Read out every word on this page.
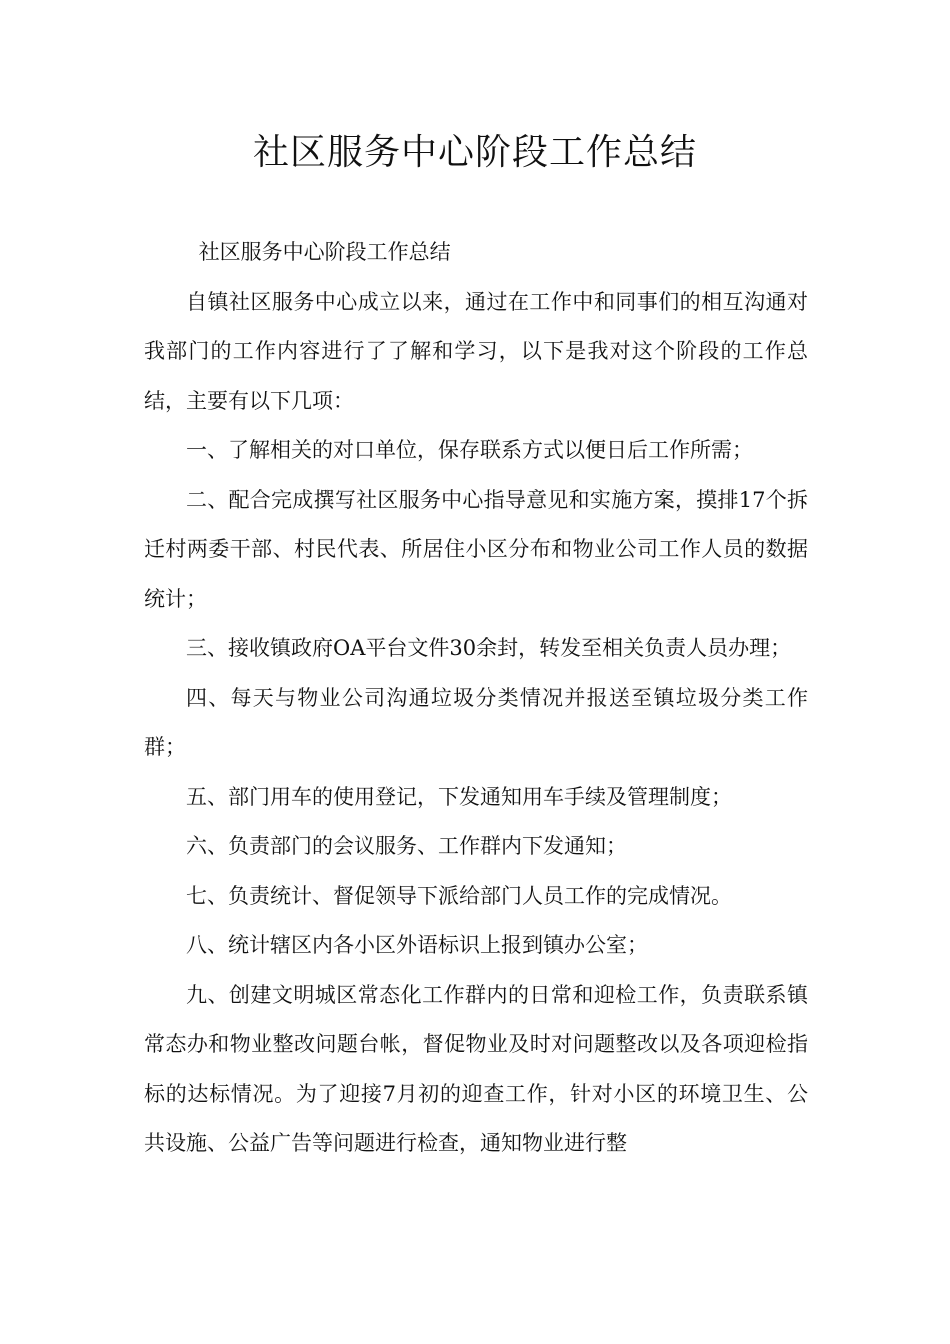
社区服务中心阶段工作总结

社区服务中心阶段工作总结

自镇社区服务中心成立以来，通过在工作中和同事们的相互沟通对我部门的工作内容进行了了解和学习，以下是我对这个阶段的工作总结，主要有以下几项：

一、了解相关的对口单位，保存联系方式以便日后工作所需；

二、配合完成撰写社区服务中心指导意见和实施方案，摸排17个拆迁村两委干部、村民代表、所居住小区分布和物业公司工作人员的数据统计；

三、接收镇政府OA平台文件30余封，转发至相关负责人员办理；

四、每天与物业公司沟通垃圾分类情况并报送至镇垃圾分类工作群；

五、部门用车的使用登记，下发通知用车手续及管理制度；

六、负责部门的会议服务、工作群内下发通知；

七、负责统计、督促领导下派给部门人员工作的完成情况。

八、统计辖区内各小区外语标识上报到镇办公室；

九、创建文明城区常态化工作群内的日常和迎检工作，负责联系镇常态办和物业整改问题台帐，督促物业及时对问题整改以及各项迎检指标的达标情况。为了迎接7月初的迎查工作，针对小区的环境卫生、公共设施、公益广告等问题进行检查，通知物业进行整
